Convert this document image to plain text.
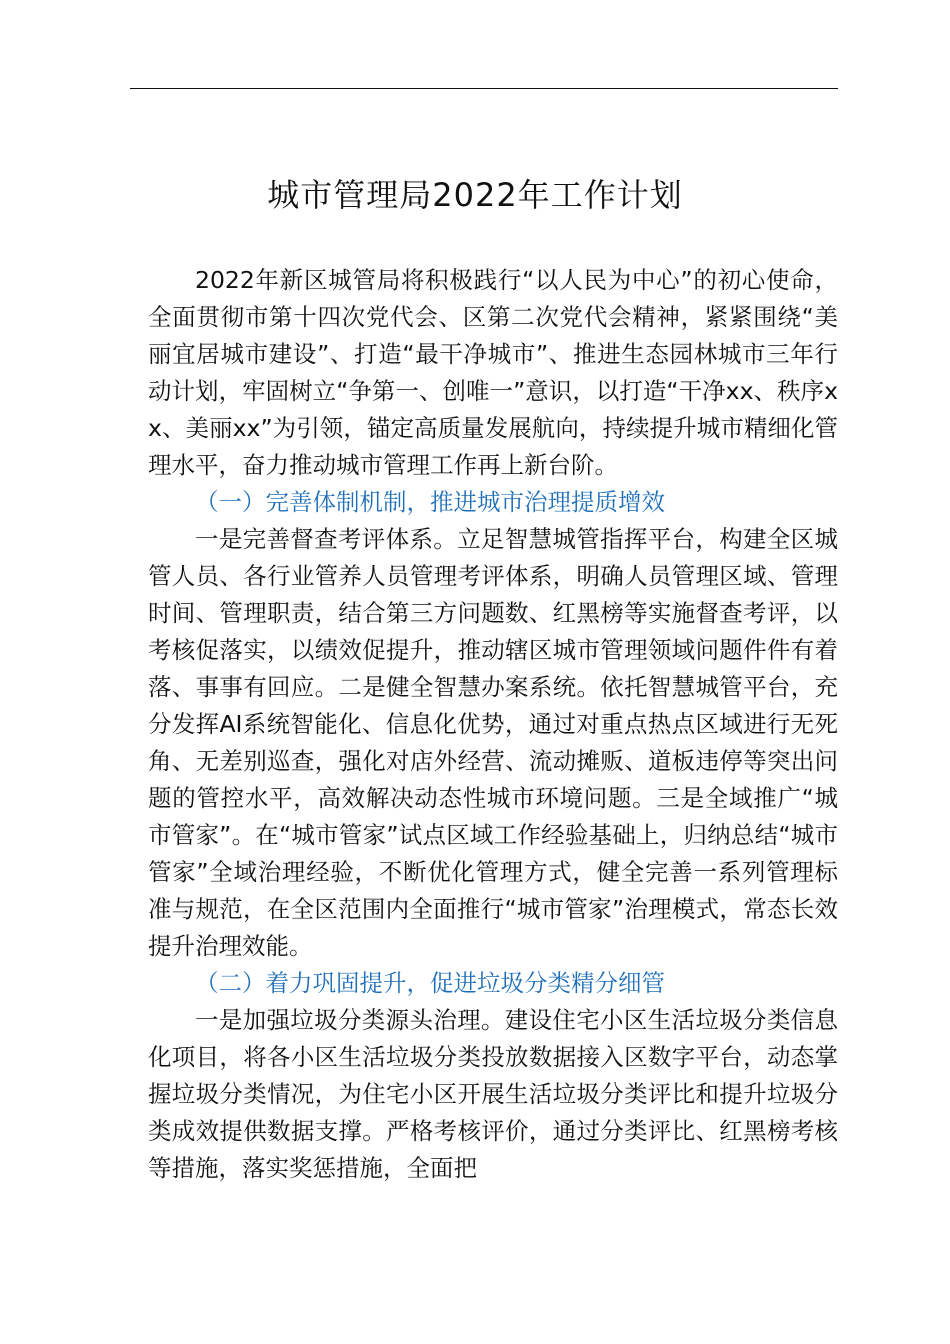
城市管理局2022年工作计划

2022年新区城管局将积极践行“以人民为中心”的初心使命，全面贯彻市第十四次党代会、区第二次党代会精神，紧紧围绕“美丽宜居城市建设”、打造“最干净城市”、推进生态园林城市三年行动计划，牢固树立“争第一、创唯一”意识，以打造“干净xx、秩序xx、美丽xx”为引领，锚定高质量发展航向，持续提升城市精细化管理水平，奋力推动城市管理工作再上新台阶。

（一）完善体制机制，推进城市治理提质增效

一是完善督查考评体系。立足智慧城管指挥平台，构建全区城管人员、各行业管养人员管理考评体系，明确人员管理区域、管理时间、管理职责，结合第三方问题数、红黑榜等实施督查考评，以考核促落实，以绩效促提升，推动辖区城市管理领域问题件件有着落、事事有回应。二是健全智慧办案系统。依托智慧城管平台，充分发挥AI系统智能化、信息化优势，通过对重点热点区域进行无死角、无差别巡查，强化对店外经营、流动摊贩、道板违停等突出问题的管控水平，高效解决动态性城市环境问题。三是全域推广“城市管家”。在“城市管家”试点区域工作经验基础上，归纳总结“城市管家”全域治理经验，不断优化管理方式，健全完善一系列管理标准与规范，在全区范围内全面推行“城市管家”治理模式，常态长效提升治理效能。

（二）着力巩固提升，促进垃圾分类精分细管

一是加强垃圾分类源头治理。建设住宅小区生活垃圾分类信息化项目，将各小区生活垃圾分类投放数据接入区数字平台，动态掌握垃圾分类情况，为住宅小区开展生活垃圾分类评比和提升垃圾分类成效提供数据支撑。严格考核评价，通过分类评比、红黑榜考核等措施，落实奖惩措施，全面把
